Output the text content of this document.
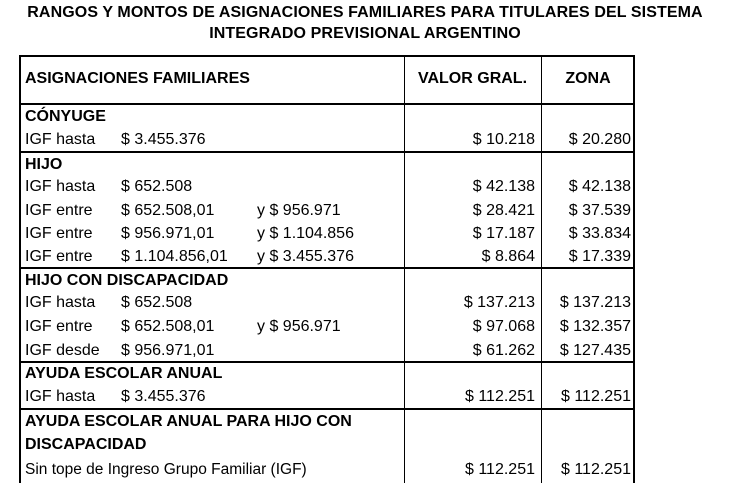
RANGOS Y MONTOS DE ASIGNACIONES FAMILIARES PARA TITULARES DEL SISTEMA
INTEGRADO PREVISIONAL ARGENTINO
ASIGNACIONES FAMILIARES	VALOR GRAL.	ZONA
CÓNYUGE
IGF hasta $ 3.455.376	$ 10.218 $ 20.280
HIJO
IGF hasta $ 652.508	$ 42.138 $ 42.138
IGF entre $ 652.508,01	y $ 956.971	$ 28.421 $ 37.539
IGF entre $ 956.971,01	y $ 1.104.856	$ 17.187 $ 33.834
IGF entre $ 1.104.856,01 y $ 3.455.376	$ 8.864 $ 17.339
HIJO CON DISCAPACIDAD
IGF hasta $ 652.508	$ 137.213 $ 137.213
IGF entre $ 652.508,01	y $ 956.971	$ 97.068 $ 132.357
IGF desde $ 956.971,01	$ 61.262 $ 127.435
AYUDA ESCOLAR ANUAL
IGF hasta $ 3.455.376	$ 112.251 $ 112.251
AYUDA ESCOLAR ANUAL PARA HIJO CON
DISCAPACIDAD
Sin tope de Ingreso Grupo Familiar (IGF)	$ 112.251 $ 112.251
